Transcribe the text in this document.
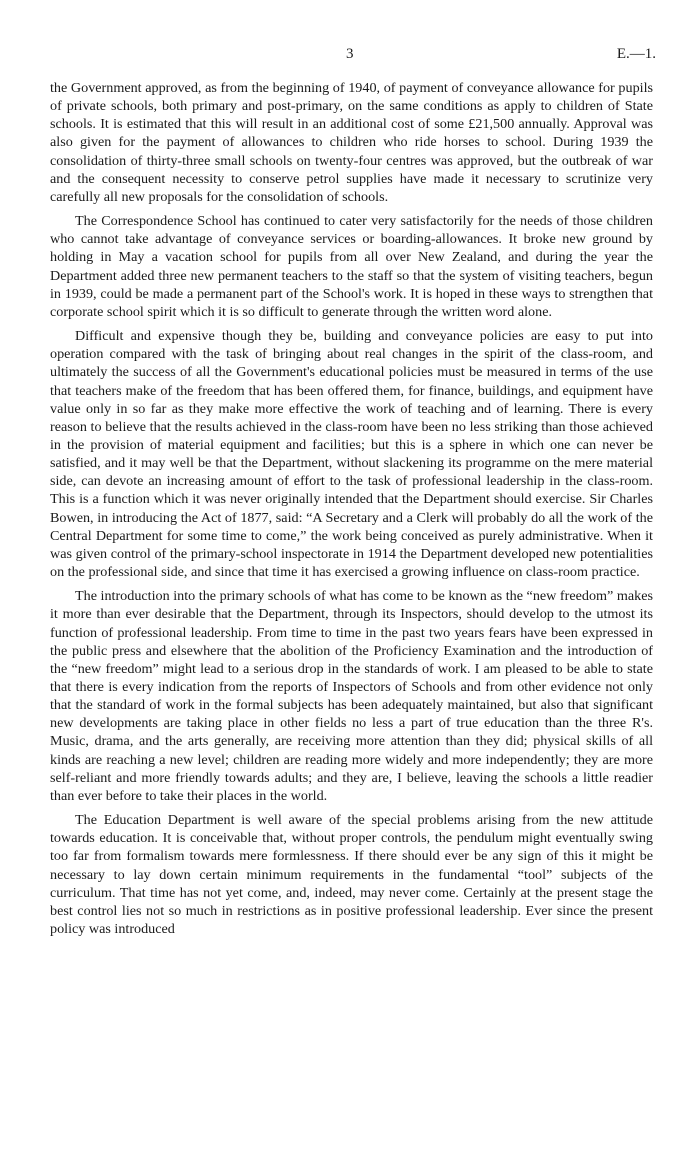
3	E.—1.

the Government approved, as from the beginning of 1940, of payment of conveyance allowance for pupils of private schools, both primary and post-primary, on the same conditions as apply to children of State schools. It is estimated that this will result in an additional cost of some £21,500 annually. Approval was also given for the payment of allowances to children who ride horses to school. During 1939 the consolidation of thirty-three small schools on twenty-four centres was approved, but the outbreak of war and the consequent necessity to conserve petrol supplies have made it necessary to scrutinize very carefully all new proposals for the consolidation of schools.

The Correspondence School has continued to cater very satisfactorily for the needs of those children who cannot take advantage of conveyance services or boarding-allowances. It broke new ground by holding in May a vacation school for pupils from all over New Zealand, and during the year the Department added three new permanent teachers to the staff so that the system of visiting teachers, begun in 1939, could be made a permanent part of the School's work. It is hoped in these ways to strengthen that corporate school spirit which it is so difficult to generate through the written word alone.

Difficult and expensive though they be, building and conveyance policies are easy to put into operation compared with the task of bringing about real changes in the spirit of the class-room, and ultimately the success of all the Government's educational policies must be measured in terms of the use that teachers make of the freedom that has been offered them, for finance, buildings, and equipment have value only in so far as they make more effective the work of teaching and of learning. There is every reason to believe that the results achieved in the class-room have been no less striking than those achieved in the provision of material equipment and facilities; but this is a sphere in which one can never be satisfied, and it may well be that the Department, without slackening its programme on the mere material side, can devote an increasing amount of effort to the task of professional leadership in the class-room. This is a function which it was never originally intended that the Department should exercise. Sir Charles Bowen, in introducing the Act of 1877, said: “A Secretary and a Clerk will probably do all the work of the Central Department for some time to come,” the work being conceived as purely administrative. When it was given control of the primary-school inspectorate in 1914 the Department developed new potentialities on the professional side, and since that time it has exercised a growing influence on class-room practice.

The introduction into the primary schools of what has come to be known as the “new freedom” makes it more than ever desirable that the Department, through its Inspectors, should develop to the utmost its function of professional leadership. From time to time in the past two years fears have been expressed in the public press and elsewhere that the abolition of the Proficiency Examination and the introduction of the “new freedom” might lead to a serious drop in the standards of work. I am pleased to be able to state that there is every indication from the reports of Inspectors of Schools and from other evidence not only that the standard of work in the formal subjects has been adequately maintained, but also that significant new developments are taking place in other fields no less a part of true education than the three R's. Music, drama, and the arts generally, are receiving more attention than they did; physical skills of all kinds are reaching a new level; children are reading more widely and more independently; they are more self-reliant and more friendly towards adults; and they are, I believe, leaving the schools a little readier than ever before to take their places in the world.

The Education Department is well aware of the special problems arising from the new attitude towards education. It is conceivable that, without proper controls, the pendulum might eventually swing too far from formalism towards mere formlessness. If there should ever be any sign of this it might be necessary to lay down certain minimum requirements in the fundamental “tool” subjects of the curriculum. That time has not yet come, and, indeed, may never come. Certainly at the present stage the best control lies not so much in restrictions as in positive professional leadership. Ever since the present policy was introduced
